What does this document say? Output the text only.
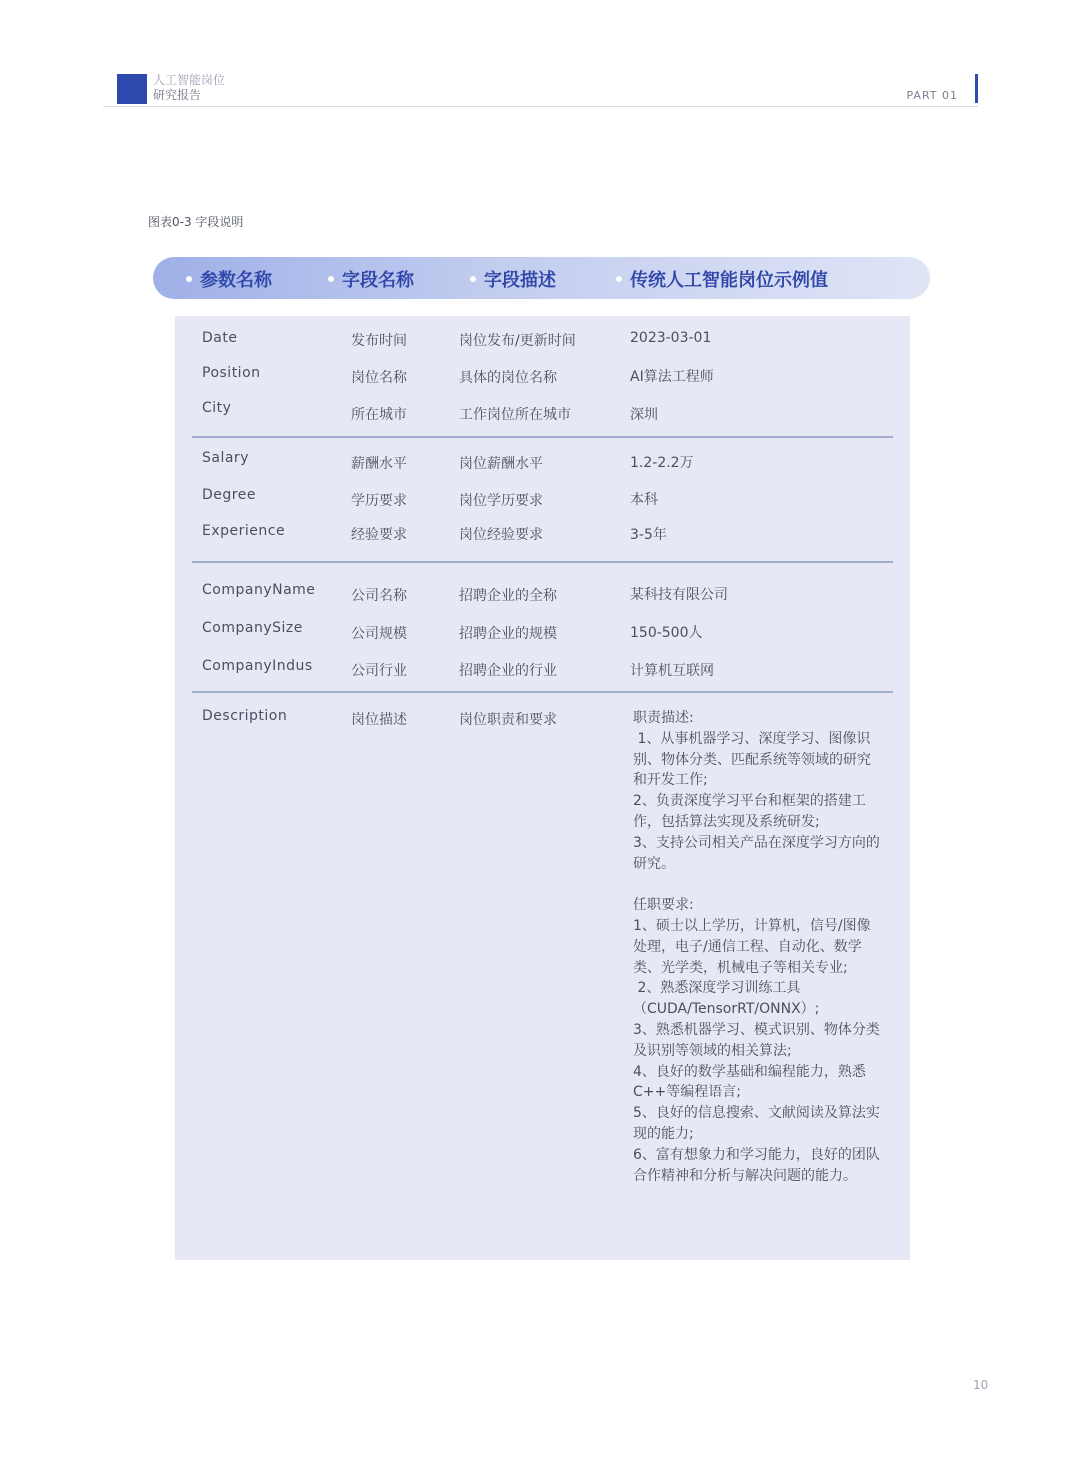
人工智能岗位
研究报告	PART 01
图表0-3 字段说明
参数名称	字段名称	字段描述	传统人工智能岗位示例值
Date	发布时间	岗位发布/更新时间	2023-03-01
Position	岗位名称	具体的岗位名称	AI算法工程师
City	所在城市	工作岗位所在城市	深圳
Salary	薪酬水平	岗位薪酬水平	1.2-2.2万
Degree	学历要求	岗位学历要求	本科
Experience	经验要求	岗位经验要求	3-5年
CompanyName	公司名称	招聘企业的全称	某科技有限公司
CompanySize	公司规模	招聘企业的规模	150-500人
CompanyIndus	公司行业	招聘企业的行业	计算机互联网
Description	岗位描述	岗位职责和要求	职责描述:

1、从事机器学习、深度学习、图像识

别、物体分类、匹配系统等领域的研究

和开发工作;

2、负责深度学习平台和框架的搭建工

作，包括算法实现及系统研发;

3、支持公司相关产品在深度学习方向的

研究。

任职要求:

1、硕士以上学历，计算机，信号/图像

处理，电子/通信工程、自动化、数学

类、光学类，机械电子等相关专业;

2、熟悉深度学习训练工具

（CUDA/TensorRT/ONNX）;

3、熟悉机器学习、模式识别、物体分类

及识别等领域的相关算法;

4、良好的数学基础和编程能力，熟悉

C++等编程语言;

5、良好的信息搜索、文献阅读及算法实

现的能力;

6、富有想象力和学习能力，良好的团队

合作精神和分析与解决问题的能力。

10
